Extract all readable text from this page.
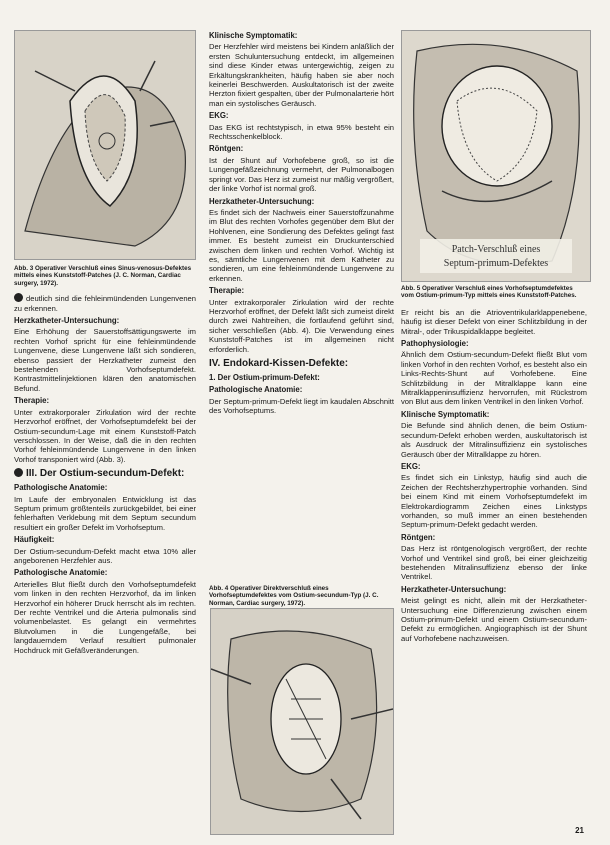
Patch-Verschluß eines
Septum-primum-Defektes
Abb. 3 Operativer Verschluß eines Sinus-venosus-Defektes mittels eines Kunststoff-Patches (J. C. Norman, Cardiac surgery, 1972).
deutlich sind die fehleinmündenden Lungenvenen zu erkennen.
Herzkatheter-Untersuchung:
Eine Erhöhung der Sauerstoffsättigungswerte im rechten Vorhof spricht für eine fehleinmündende Lungenvene, diese Lungenvene läßt sich sondieren, ebenso passiert der Herzkatheter zumeist den bestehenden Vorhofseptumdefekt. Kontrastmittelinjektionen klären den anatomischen Befund.
Therapie:
Unter extrakorporaler Zirkulation wird der rechte Herzvorhof eröffnet, der Vorhofseptumdefekt bei der Ostium-secundum-Lage mit einem Kunststoff-Patch verschlossen. In der Weise, daß die in den rechten Vorhof fehleinmündende Lungenvene in den linken Vorhof transponiert wird (Abb. 3).
III. Der Ostium-secundum-Defekt:
Pathologische Anatomie:
Im Laufe der embryonalen Entwicklung ist das Septum primum größtenteils zurückgebildet, bei einer fehlerhaften Verklebung mit dem Septum secundum resultiert ein großer Defekt im Vorhofseptum.
Häufigkeit:
Der Ostium-secundum-Defekt macht etwa 10% aller angeborenen Herzfehler aus.
Pathologische Anatomie:
Arterielles Blut fließt durch den Vorhofseptumdefekt vom linken in den rechten Herzvorhof, da im linken Herzvorhof ein höherer Druck herrscht als im rechten. Der rechte Ventrikel und die Arteria pulmonalis sind volumenbelastet. Es gelangt ein vermehrtes Blutvolumen in die Lungengefäße, bei langdauerndem Verlauf resultiert pulmonaler Hochdruck mit Gefäßveränderungen.
Klinische Symptomatik:
Der Herzfehler wird meistens bei Kindern anläßlich der ersten Schuluntersuchung entdeckt, im allgemeinen sind diese Kinder etwas untergewichtig, zeigen zu Erkältungskrankheiten, häufig haben sie aber noch keinerlei Beschwerden. Auskultatorisch ist der zweite Herzton fixiert gespalten, über der Pulmonalarterie hört man ein systolisches Geräusch.
EKG:
Das EKG ist rechtstypisch, in etwa 95% besteht ein Rechtsschenkelblock.
Röntgen:
Ist der Shunt auf Vorhofebene groß, so ist die Lungengefäßzeichnung vermehrt, der Pulmonalbogen springt vor. Das Herz ist zumeist nur mäßig vergrößert, der linke Vorhof ist normal groß.
Herzkatheter-Untersuchung:
Es findet sich der Nachweis einer Sauerstoffzunahme im Blut des rechten Vorhofes gegenüber dem Blut der Hohlvenen, eine Sondierung des Defektes gelingt fast immer. Es besteht zumeist ein Druckunterschied zwischen dem linken und rechten Vorhof. Wichtig ist es, sämtliche Lungenvenen mit dem Katheter zu sondieren, um eine fehleinmündende Lungenvene zu erkennen.
Therapie:
Unter extrakorporaler Zirkulation wird der rechte Herzvorhof eröffnet, der Defekt läßt sich zumeist direkt durch zwei Nahtreihen, die fortlaufend geführt sind, sicher verschließen (Abb. 4). Die Verwendung eines Kunststoff-Patches ist im allgemeinen nicht erforderlich.
IV. Endokard-Kissen-Defekte:
1. Der Ostium-primum-Defekt:
Pathologische Anatomie:
Der Septum-primum-Defekt liegt im kaudalen Abschnitt des Vorhofseptums.
Abb. 4 Operativer Direktverschluß eines Vorhofseptumdefektes vom Ostium-secundum-Typ (J. C. Norman, Cardiac surgery, 1972).
Abb. 5 Operativer Verschluß eines Vorhofseptumdefektes vom Ostium-primum-Typ mittels eines Kunststoff-Patches.
Er reicht bis an die Atrioventrikularklappenebene, häufig ist dieser Defekt von einer Schlitzbildung in der Mitral-, oder Trikuspidalklappe begleitet.
Pathophysiologie:
Ähnlich dem Ostium-secundum-Defekt fließt Blut vom linken Vorhof in den rechten Vorhof, es besteht also ein Links-Rechts-Shunt auf Vorhofebene. Eine Schlitzbildung in der Mitralklappe kann eine Mitralklappeninsuffizienz hervorrufen, mit Rückstrom von Blut aus dem linken Ventrikel in den linken Vorhof.
Klinische Symptomatik:
Die Befunde sind ähnlich denen, die beim Ostium-secundum-Defekt erhoben werden, auskultatorisch ist als Ausdruck der Mitralinsuffizienz ein systolisches Geräusch über der Mitralklappe zu hören.
EKG:
Es findet sich ein Linkstyp, häufig sind auch die Zeichen der Rechtsherzhypertrophie vorhanden. Sind bei einem Kind mit einem Vorhofseptumdefekt im Elektrokardiogramm Zeichen eines Linkstyps vorhanden, so muß immer an einen bestehenden Septum-primum-Defekt gedacht werden.
Röntgen:
Das Herz ist röntgenologisch vergrößert, der rechte Vorhof und Ventrikel sind groß, bei einer gleichzeitig bestehenden Mitralinsuffizienz ebenso der linke Ventrikel.
Herzkatheter-Untersuchung:
Meist gelingt es nicht, allein mit der Herzkatheter-Untersuchung eine Differenzierung zwischen einem Ostium-primum-Defekt und einem Ostium-secundum-Defekt zu ermöglichen. Angiographisch ist der Shunt auf Vorhofebene nachzuweisen.
21
